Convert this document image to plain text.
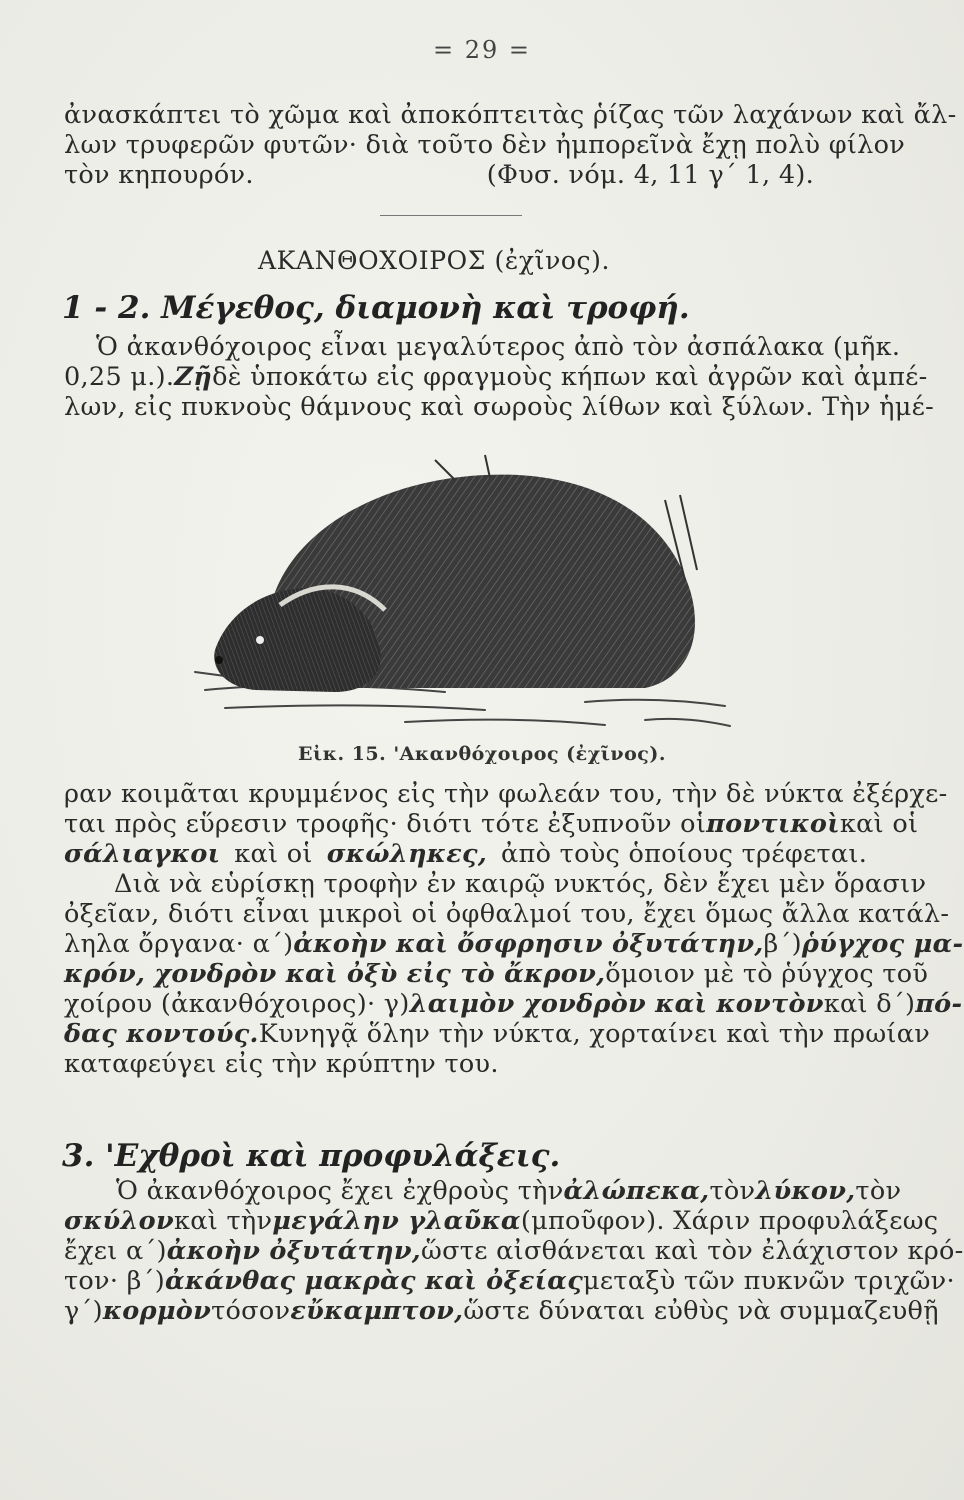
= 29 =
ἀνασκάπτει τὸ χῶμα καὶ ἀποκόπτει τὰς ῥίζας τῶν λαχάνων καὶ ἄλ-
λων τρυφερῶν φυτῶν· διὰ τοῦτο δὲν ἠμπορεῖ νὰ ἔχῃ πολὺ φίλον
τὸν κηπουρόν.	(Φυσ. νόμ. 4, 11 γ΄ 1, 4).
ΑΚΑΝΘΟΧΟΙΡΟΣ (ἐχῖνος).
1 - 2. Μέγεθος, διαμονὴ καὶ τροφή.
Ὁ ἀκανθόχοιρος εἶναι μεγαλύτερος ἀπὸ τὸν ἀσπάλακα (μῆκ.
0,25 μ.). Ζῇ δὲ ὑποκάτω εἰς φραγμοὺς κήπων καὶ ἀγρῶν καὶ ἀμπέ-
λων, εἰς πυκνοὺς θάμνους καὶ σωροὺς λίθων καὶ ξύλων. Τὴν ἡμέ-
Εἰκ. 15. 'Ακανθόχοιρος (ἐχῖνος).
ραν κοιμᾶται κρυμμένος εἰς τὴν φωλεάν του, τὴν δὲ νύκτα ἐξέρχε-
ται πρὸς εὕρεσιν τροφῆς· διότι τότε ἐξυπνοῦν οἱ ποντικοὶ καὶ οἱ
σάλιαγκοι καὶ οἱ σκώληκες, ἀπὸ τοὺς ὁποίους τρέφεται.
Διὰ νὰ εὑρίσκῃ τροφὴν ἐν καιρῷ νυκτός, δὲν ἔχει μὲν ὅρασιν
ὀξεῖαν, διότι εἶναι μικροὶ οἱ ὀφθαλμοί του, ἔχει ὅμως ἄλλα κατάλ-
ληλα ὄργανα· α΄) ἀκοὴν καὶ ὄσφρησιν ὀξυτάτην, β΄) ῥύγχος μα-
κρόν, χονδρὸν καὶ ὀξὺ εἰς τὸ ἄκρον, ὅμοιον μὲ τὸ ῥύγχος τοῦ
χοίρου (ἀκανθόχοιρος)· γ) λαιμὸν χονδρὸν καὶ κοντὸν καὶ δ΄) πό-
δας κοντούς. Κυνηγᾷ ὅλην τὴν νύκτα, χορταίνει καὶ τὴν πρωίαν
καταφεύγει εἰς τὴν κρύπτην του.
3. 'Εχθροὶ καὶ προφυλάξεις.
Ὁ ἀκανθόχοιρος ἔχει ἐχθροὺς τὴν ἀλώπεκα, τὸν λύκον, τὸν
σκύλον καὶ τὴν μεγάλην γλαῦκα (μποῦφον). Χάριν προφυλάξεως
ἔχει α΄) ἀκοὴν ὀξυτάτην, ὥστε αἰσθάνεται καὶ τὸν ἐλάχιστον κρό-
τον· β΄) ἀκάνθας μακρὰς καὶ ὀξείας μεταξὺ τῶν πυκνῶν τριχῶν·
γ΄) κορμὸν τόσον εὔκαμπτον, ὥστε δύναται εὐθὺς νὰ συμμαζευθῇ
